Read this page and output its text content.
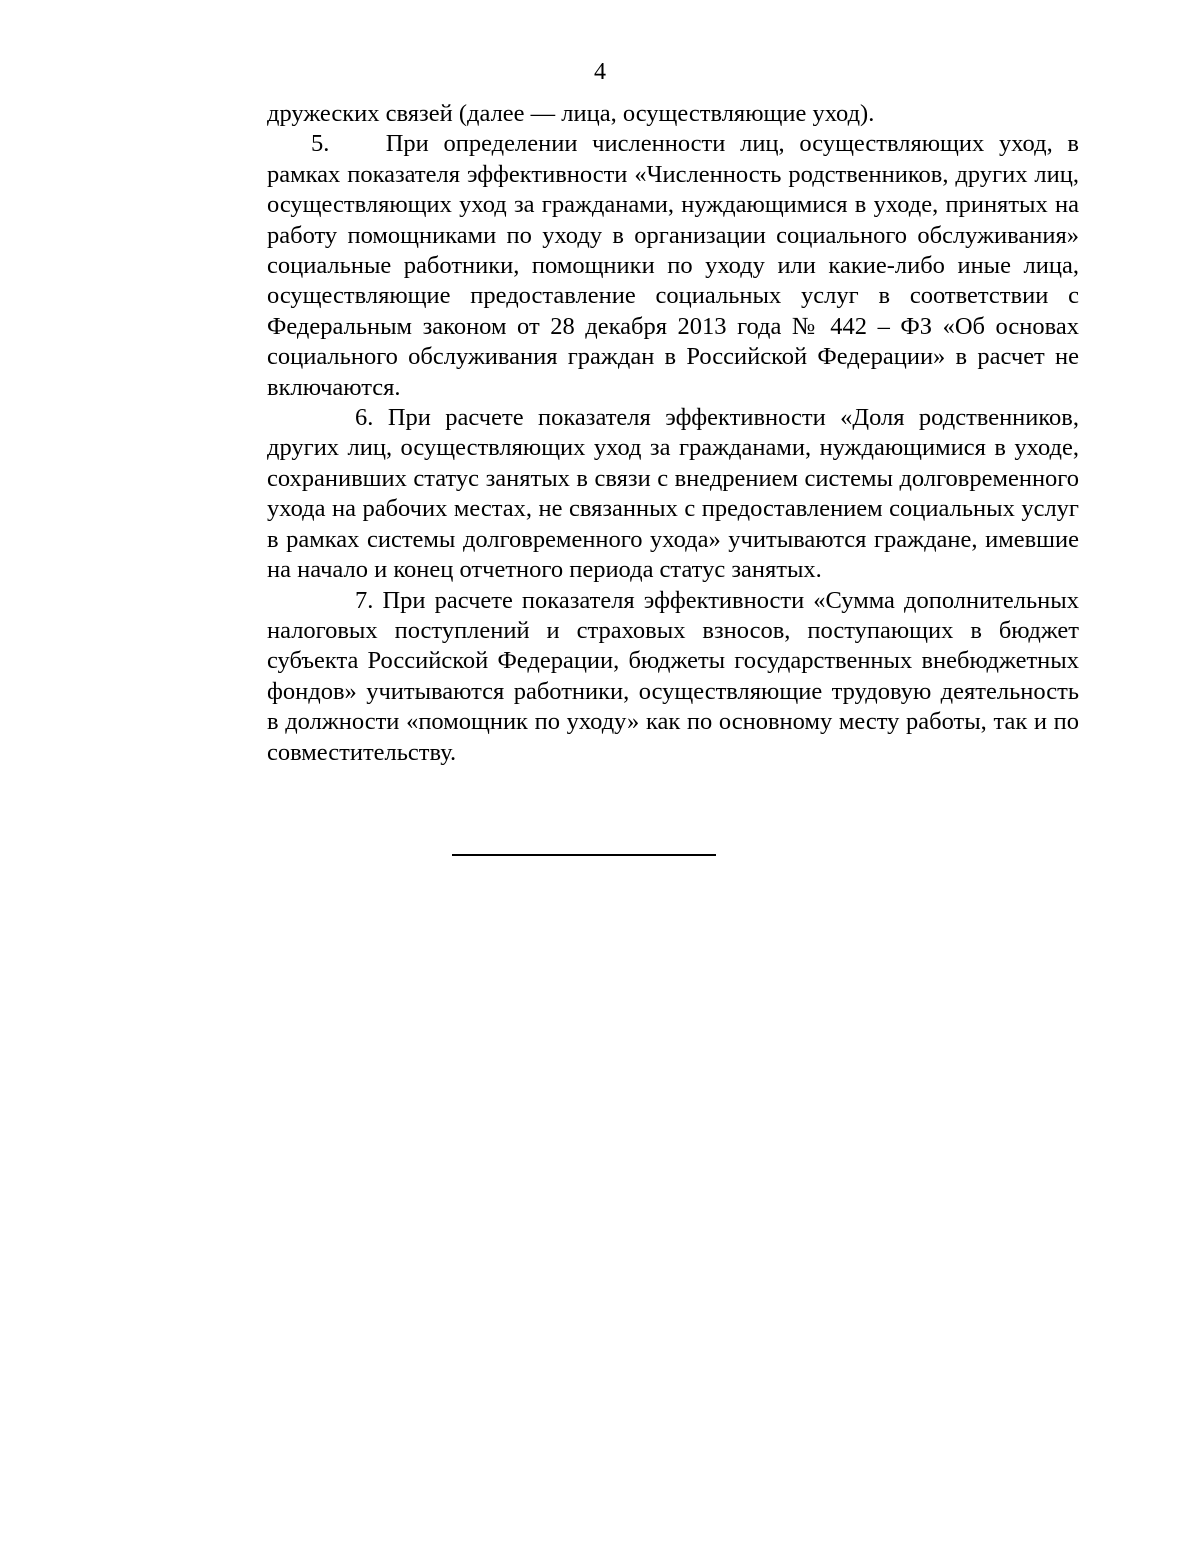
4

дружеских связей (далее — лица, осуществляющие уход).

5. При определении численности лиц, осуществляющих уход, в рамках показателя эффективности «Численность родственников, других лиц, осуществляющих уход за гражданами, нуждающимися в уходе, принятых на работу помощниками по уходу в организации социального обслуживания» социальные работники, помощники по уходу или какие-либо иные лица, осуществляющие предоставление социальных услуг в соответствии с Федеральным законом от 28 декабря 2013 года № 442 – ФЗ «Об основах социального обслуживания граждан в Российской Федерации» в расчет не включаются.

6. При расчете показателя эффективности «Доля родственников, других лиц, осуществляющих уход за гражданами, нуждающимися в уходе, сохранивших статус занятых в связи с внедрением системы долговременного ухода на рабочих местах, не связанных с предоставлением социальных услуг в рамках системы долговременного ухода» учитываются граждане, имевшие на начало и конец отчетного периода статус занятых.

7. При расчете показателя эффективности «Сумма дополнительных налоговых поступлений и страховых взносов, поступающих в бюджет субъекта Российской Федерации, бюджеты государственных внебюджетных фондов» учитываются работники, осуществляющие трудовую деятельность в должности «помощник по уходу» как по основному месту работы, так и по совместительству.
